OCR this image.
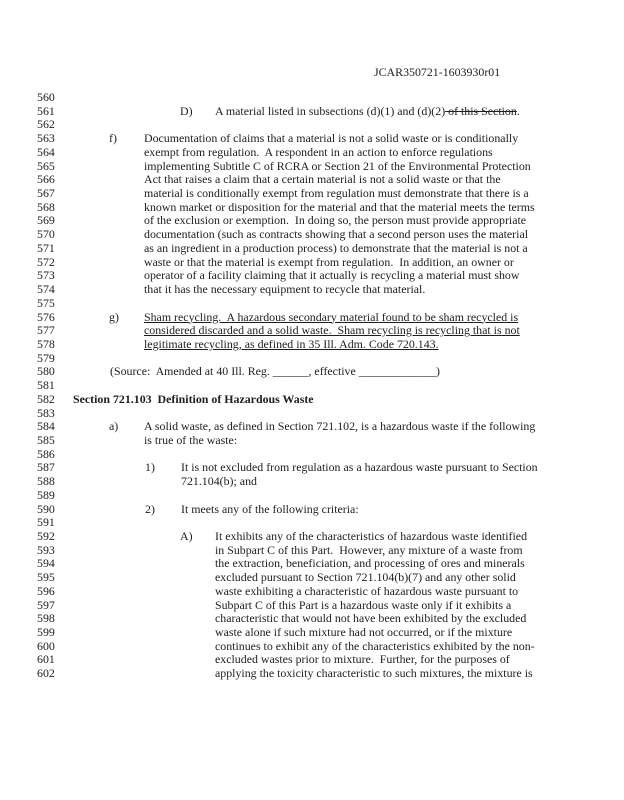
JCAR350721-1603930r01
560
561	D) A material listed in subsections (d)(1) and (d)(2) of this Section.
562
563	f) Documentation of claims that a material is not a solid waste or is conditionally
564	exempt from regulation.  A respondent in an action to enforce regulations
565	implementing Subtitle C of RCRA or Section 21 of the Environmental Protection
566	Act that raises a claim that a certain material is not a solid waste or that the
567	material is conditionally exempt from regulation must demonstrate that there is a
568	known market or disposition for the material and that the material meets the terms
569	of the exclusion or exemption.  In doing so, the person must provide appropriate
570	documentation (such as contracts showing that a second person uses the material
571	as an ingredient in a production process) to demonstrate that the material is not a
572	waste or that the material is exempt from regulation.  In addition, an owner or
573	operator of a facility claiming that it actually is recycling a material must show
574	that it has the necessary equipment to recycle that material.
575
576	g) Sham recycling.  A hazardous secondary material found to be sham recycled is
577	considered discarded and a solid waste.  Sham recycling is recycling that is not
578	legitimate recycling, as defined in 35 Ill. Adm. Code 720.143.
579
580	(Source:  Amended at 40 Ill. Reg. ______, effective _____________)
581
582 Section 721.103  Definition of Hazardous Waste
583
584	a) A solid waste, as defined in Section 721.102, is a hazardous waste if the following
585	is true of the waste:
586
587	1) It is not excluded from regulation as a hazardous waste pursuant to Section
588	721.104(b); and
589
590	2) It meets any of the following criteria:
591
592	A) It exhibits any of the characteristics of hazardous waste identified
593	in Subpart C of this Part.  However, any mixture of a waste from
594	the extraction, beneficiation, and processing of ores and minerals
595	excluded pursuant to Section 721.104(b)(7) and any other solid
596	waste exhibiting a characteristic of hazardous waste pursuant to
597	Subpart C of this Part is a hazardous waste only if it exhibits a
598	characteristic that would not have been exhibited by the excluded
599	waste alone if such mixture had not occurred, or if the mixture
600	continues to exhibit any of the characteristics exhibited by the non-
601	excluded wastes prior to mixture.  Further, for the purposes of
602	applying the toxicity characteristic to such mixtures, the mixture is
